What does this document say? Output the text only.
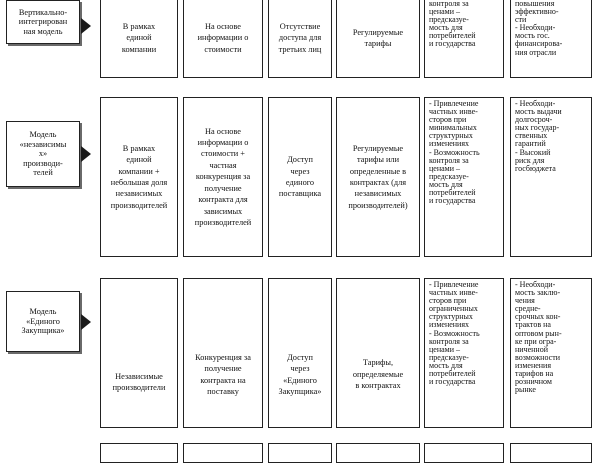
Вертикально-
интегрирован
ная модель
В рамках
единой
компании
На основе
информации о
стоимости
Отсутствие
доступа для
третьих лиц
Регулируемые
тарифы
контроля за
ценами –
предсказуе-
мость для
потребителей
и государства
повышения
эффективно-
сти
- Необходи-
мость гос.
финансирова-
ния отрасли
Модель
«независимы
х»
производи-
телей
В рамках
единой
компании +
небольшая доля
независимых
производителей
На основе
информации о
стоимости +
частная
конкуренция за
получение
контракта для
зависимых
производителей
Доступ
через
единого
поставщика
Регулируемые
тарифы или
определенные в
контрактах (для
независимых
производителей)
- Привлечение
частных инве-
сторов при
минимальных
структурных
изменениях
- Возможность
контроля за
ценами –
предсказуе-
мость для
потребителей
и государства
- Необходи-
мость выдачи
долгосроч-
ных государ-
ственных
гарантий
- Высокий
риск для
госбюджета
Модель
«Единого
Закупщика»
Независимые
производители
Конкуренция за
получение
контракта на
поставку
Доступ
через
«Единого
Закупщика»
Тарифы,
определяемые
в контрактах
- Привлечение
частных инве-
сторов при
ограниченных
структурных
изменениях
- Возможность
контроля за
ценами –
предсказуе-
мость для
потребителей
и государства
- Необходи-
мость заклю-
чения
средне-
срочных кон-
трактов на
оптовом рын-
ке при огра-
ниченной
возможности
изменения
тарифов на
розничном
рынке
